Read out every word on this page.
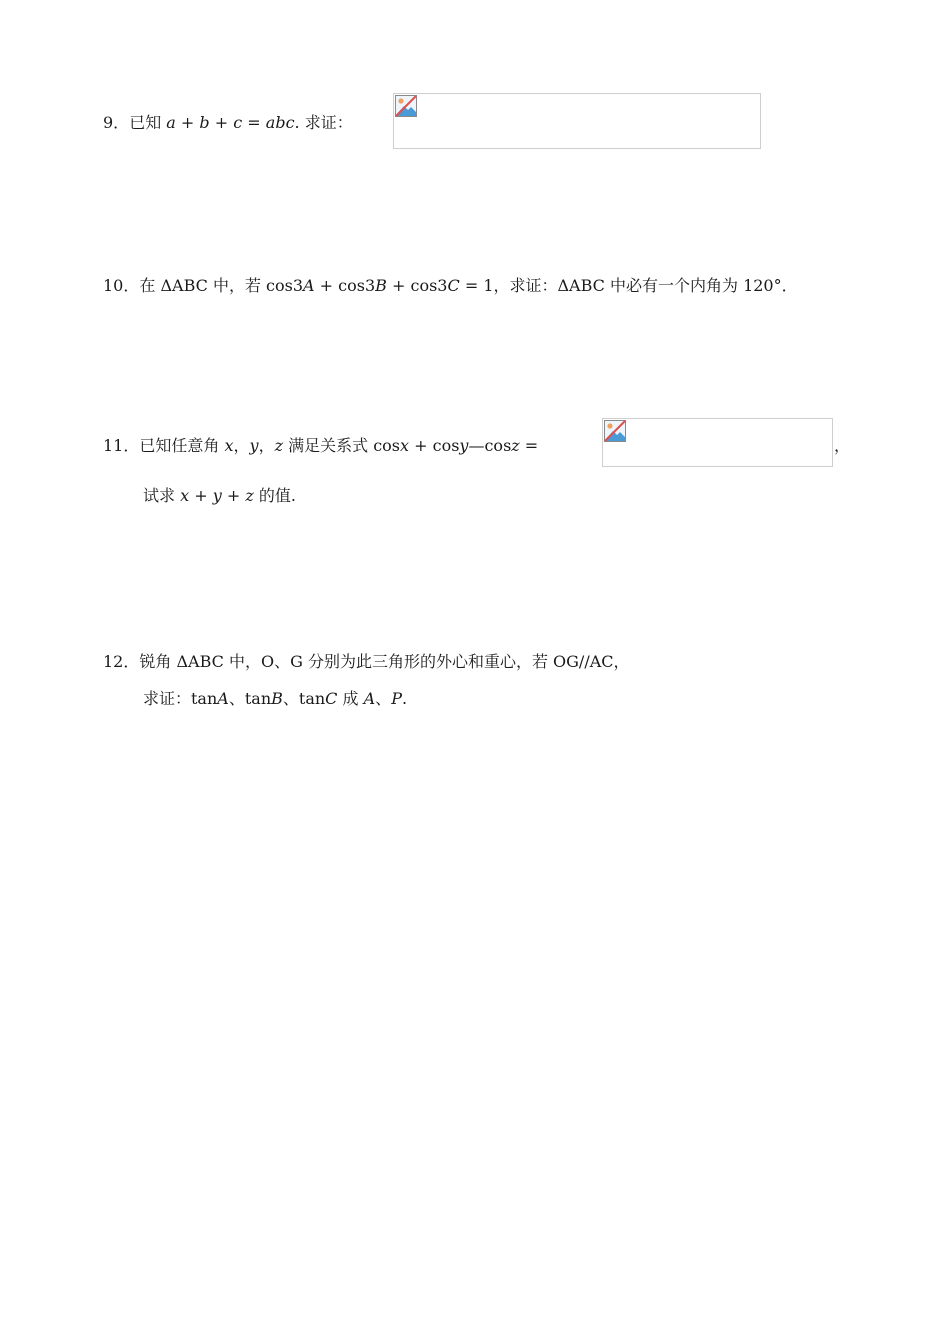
9．已知 a + b + c = abc. 求证：
10．在 ΔABC 中，若 cos3A + cos3B + cos3C = 1，求证：ΔABC 中必有一个内角为 120°．
11．已知任意角 x，y，z 满足关系式 cosx + cosy—cosz =	，
试求 x + y + z 的值.
12．锐角 ΔABC 中，O、G 分别为此三角形的外心和重心，若 OG//AC，
求证：tanA、tanB、tanC 成 A、P.
